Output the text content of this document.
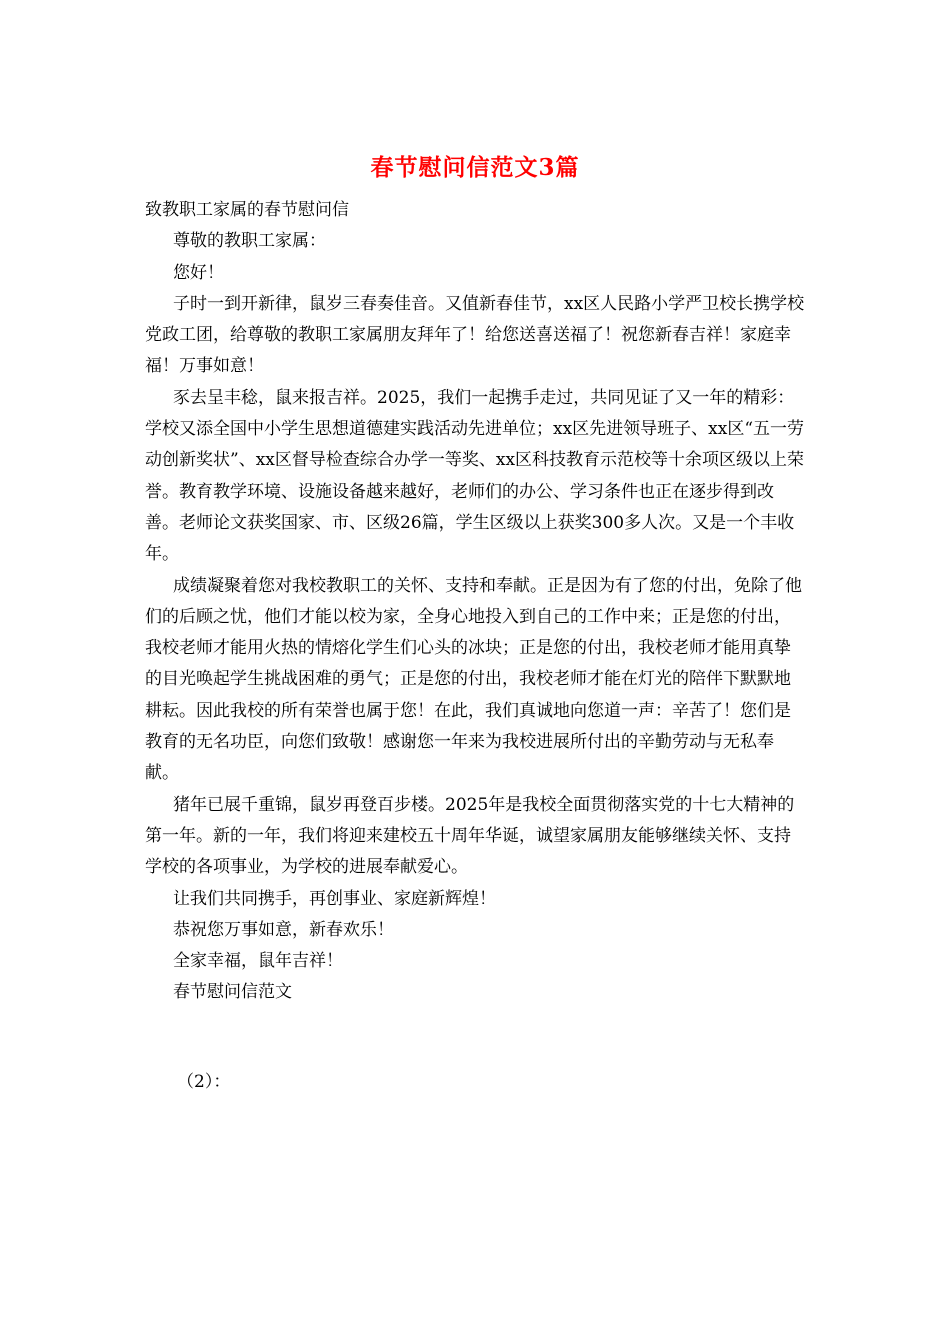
春节慰问信范文3篇

致教职工家属的春节慰问信

尊敬的教职工家属：

您好！

子时一到开新律，鼠岁三春奏佳音。又值新春佳节，xx区人民路小学严卫校长携学校党政工团，给尊敬的教职工家属朋友拜年了！给您送喜送福了！祝您新春吉祥！家庭幸福！万事如意！

豕去呈丰稔，鼠来报吉祥。2025，我们一起携手走过，共同见证了又一年的精彩：学校又添全国中小学生思想道德建实践活动先进单位；xx区先进领导班子、xx区“五一劳动创新奖状”、xx区督导检查综合办学一等奖、xx区科技教育示范校等十余项区级以上荣誉。教育教学环境、设施设备越来越好，老师们的办公、学习条件也正在逐步得到改善。老师论文获奖国家、市、区级26篇，学生区级以上获奖300多人次。又是一个丰收年。

成绩凝聚着您对我校教职工的关怀、支持和奉献。正是因为有了您的付出，免除了他们的后顾之忧，他们才能以校为家，全身心地投入到自己的工作中来；正是您的付出，我校老师才能用火热的情熔化学生们心头的冰块；正是您的付出，我校老师才能用真挚的目光唤起学生挑战困难的勇气；正是您的付出，我校老师才能在灯光的陪伴下默默地耕耘。因此我校的所有荣誉也属于您！在此，我们真诚地向您道一声：辛苦了！您们是教育的无名功臣，向您们致敬！感谢您一年来为我校进展所付出的辛勤劳动与无私奉献。

猪年已展千重锦，鼠岁再登百步楼。2025年是我校全面贯彻落实党的十七大精神的第一年。新的一年，我们将迎来建校五十周年华诞，诚望家属朋友能够继续关怀、支持学校的各项事业，为学校的进展奉献爱心。

让我们共同携手，再创事业、家庭新辉煌！

恭祝您万事如意，新春欢乐！

全家幸福，鼠年吉祥！

春节慰问信范文

（2）：
